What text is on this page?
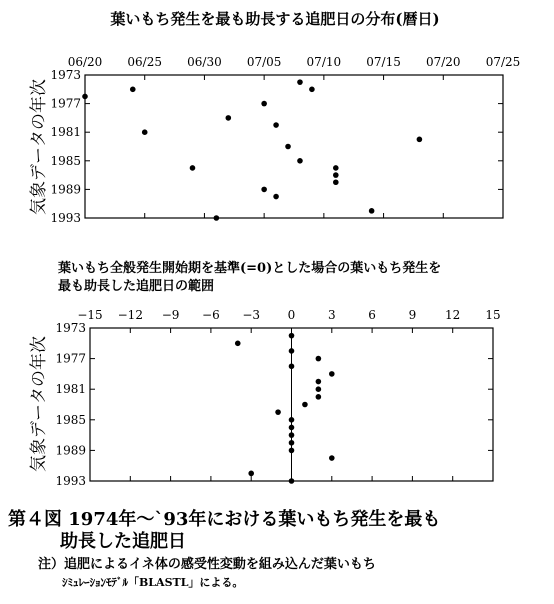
葉いもち発生を最も助長する追肥日の分布(暦日)
気象データの年次
06/20 06/25 06/30 07/05 07/10 07/15 07/20 07/25
1973
1977
1981
1985
1989
1993
葉いもち全般発生開始期を基準(=0)とした場合の葉いもち発生を
最も助長した追肥日の範囲
気象データの年次
−15 −12 −9 −6 −3 0	3	6	9 12 15
1973
1977
1981
1985
1989
1993
第４図 1974年〜`93年における葉いもち発生を最も
助長した追肥日
注）追肥によるイネ体の感受性変動を組み込んだ葉いもち
ｼﾐｭﾚｰｼｮﾝﾓﾃﾞﾙ「BLASTL」による。
